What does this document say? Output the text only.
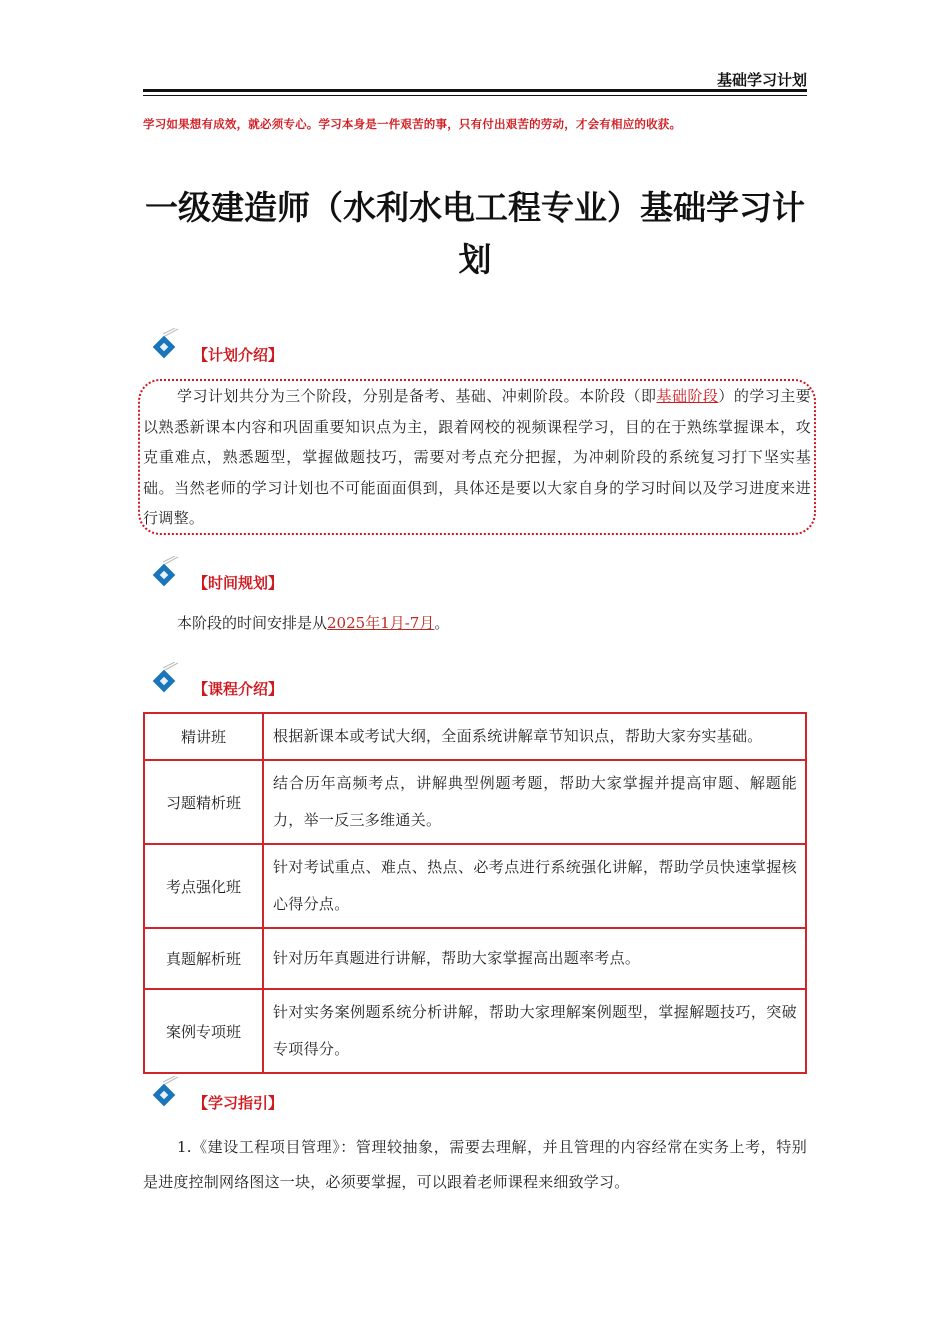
基础学习计划
学习如果想有成效，就必须专心。学习本身是一件艰苦的事，只有付出艰苦的劳动，才会有相应的收获。
一级建造师（水利水电工程专业）基础学习计划
【计划介绍】

学习计划共分为三个阶段，分别是备考、基础、冲刺阶段。本阶段（即基础阶段）的学习主要以熟悉新课本内容和巩固重要知识点为主，跟着网校的视频课程学习，目的在于熟练掌握课本，攻克重难点，熟悉题型，掌握做题技巧，需要对考点充分把握，为冲刺阶段的系统复习打下坚实基础。当然老师的学习计划也不可能面面俱到，具体还是要以大家自身的学习时间以及学习进度来进行调整。

【时间规划】

本阶段的时间安排是从2025年1月-7月。

【课程介绍】
精讲班	根据新课本或考试大纲，全面系统讲解章节知识点，帮助大家夯实基础。
习题精析班	结合历年高频考点，讲解典型例题考题，帮助大家掌握并提高审题、解题能力，举一反三多维通关。
考点强化班	针对考试重点、难点、热点、必考点进行系统强化讲解，帮助学员快速掌握核心得分点。
真题解析班	针对历年真题进行讲解，帮助大家掌握高出题率考点。
案例专项班	针对实务案例题系统分析讲解，帮助大家理解案例题型，掌握解题技巧，突破专项得分。
【学习指引】

1.《建设工程项目管理》：管理较抽象，需要去理解，并且管理的内容经常在实务上考，特别是进度控制网络图这一块，必须要掌握，可以跟着老师课程来细致学习。
